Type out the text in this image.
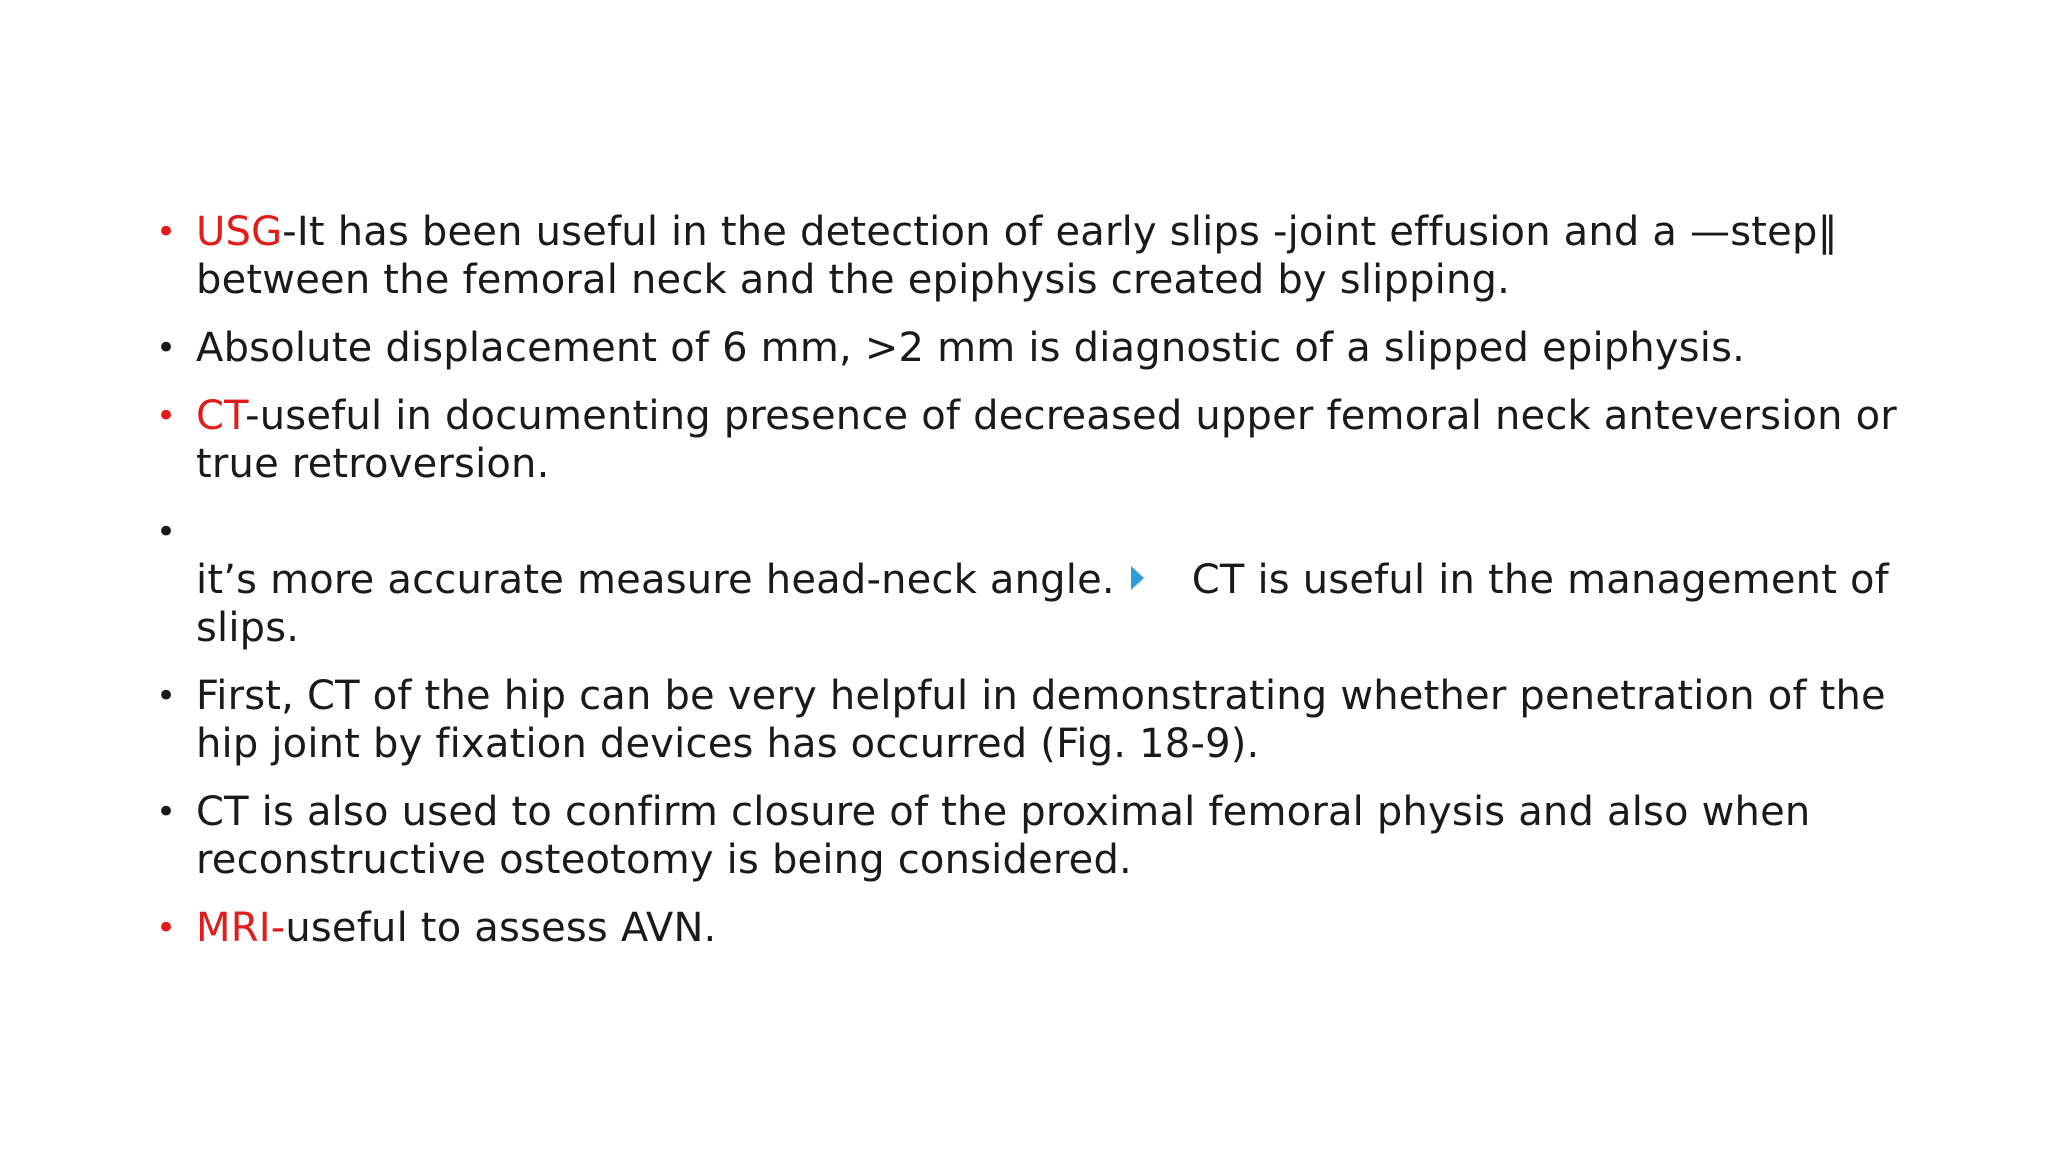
• USG-It has been useful in the detection of early slips -joint effusion and a —step‖ between the femoral neck and the epiphysis created by slipping.
• Absolute displacement of 6 mm, >2 mm is diagnostic of a slipped epiphysis.
• CT-useful in documenting presence of decreased upper femoral neck anteversion or true retroversion.
•
it’s more accurate measure head-neck angle. CT is useful in the management of slips.
• First, CT of the hip can be very helpful in demonstrating whether penetration of the hip joint by fixation devices has occurred (Fig. 18-9).
• CT is also used to confirm closure of the proximal femoral physis and also when reconstructive osteotomy is being considered.
• MRI-useful to assess AVN.
